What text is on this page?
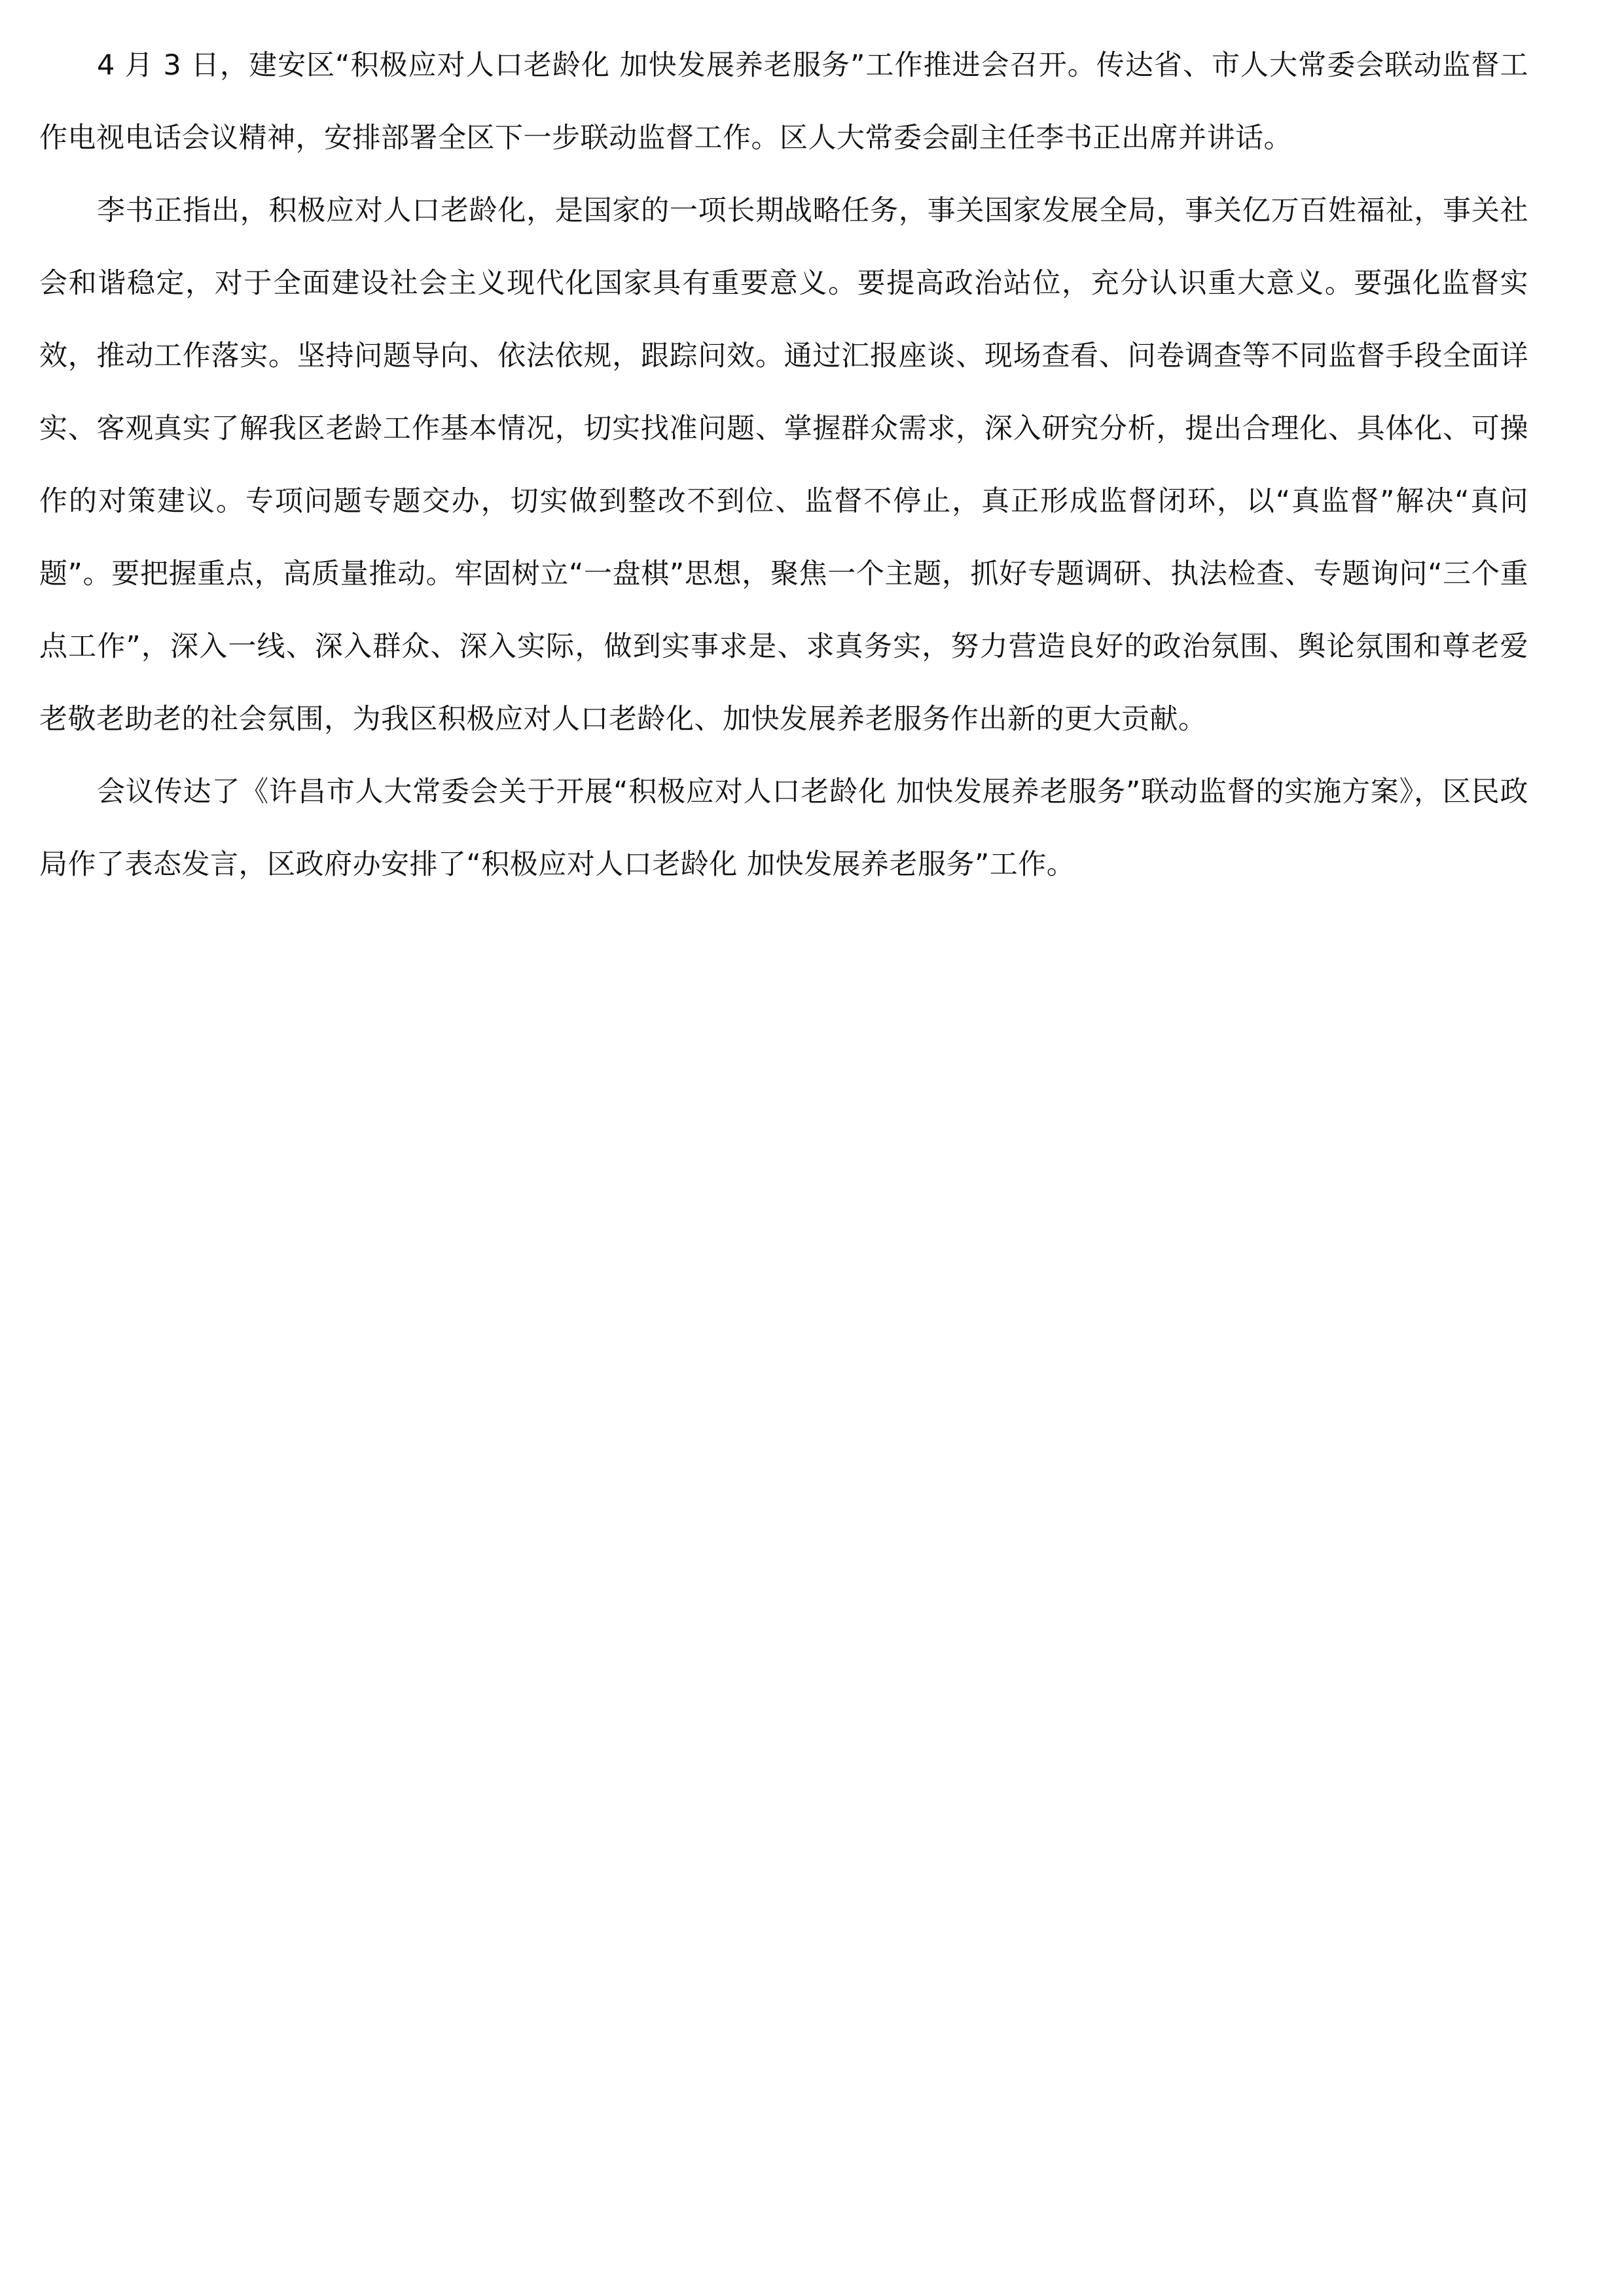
4 月 3 日，建安区“积极应对人口老龄化 加快发展养老服务”工作推进会召开。传达省、市人大常委会联动监督工作电视电话会议精神，安排部署全区下一步联动监督工作。区人大常委会副主任李书正出席并讲话。

李书正指出，积极应对人口老龄化，是国家的一项长期战略任务，事关国家发展全局，事关亿万百姓福祉，事关社会和谐稳定，对于全面建设社会主义现代化国家具有重要意义。要提高政治站位，充分认识重大意义。要强化监督实效，推动工作落实。坚持问题导向、依法依规，跟踪问效。通过汇报座谈、现场查看、问卷调查等不同监督手段全面详实、客观真实了解我区老龄工作基本情况，切实找准问题、掌握群众需求，深入研究分析，提出合理化、具体化、可操作的对策建议。专项问题专题交办，切实做到整改不到位、监督不停止，真正形成监督闭环，以“真监督”解决“真问题”。要把握重点，高质量推动。牢固树立“一盘棋”思想，聚焦一个主题，抓好专题调研、执法检查、专题询问“三个重点工作”，深入一线、深入群众、深入实际，做到实事求是、求真务实，努力营造良好的政治氛围、舆论氛围和尊老爱老敬老助老的社会氛围，为我区积极应对人口老龄化、加快发展养老服务作出新的更大贡献。

会议传达了《许昌市人大常委会关于开展“积极应对人口老龄化 加快发展养老服务”联动监督的实施方案》，区民政局作了表态发言，区政府办安排了“积极应对人口老龄化 加快发展养老服务”工作。
